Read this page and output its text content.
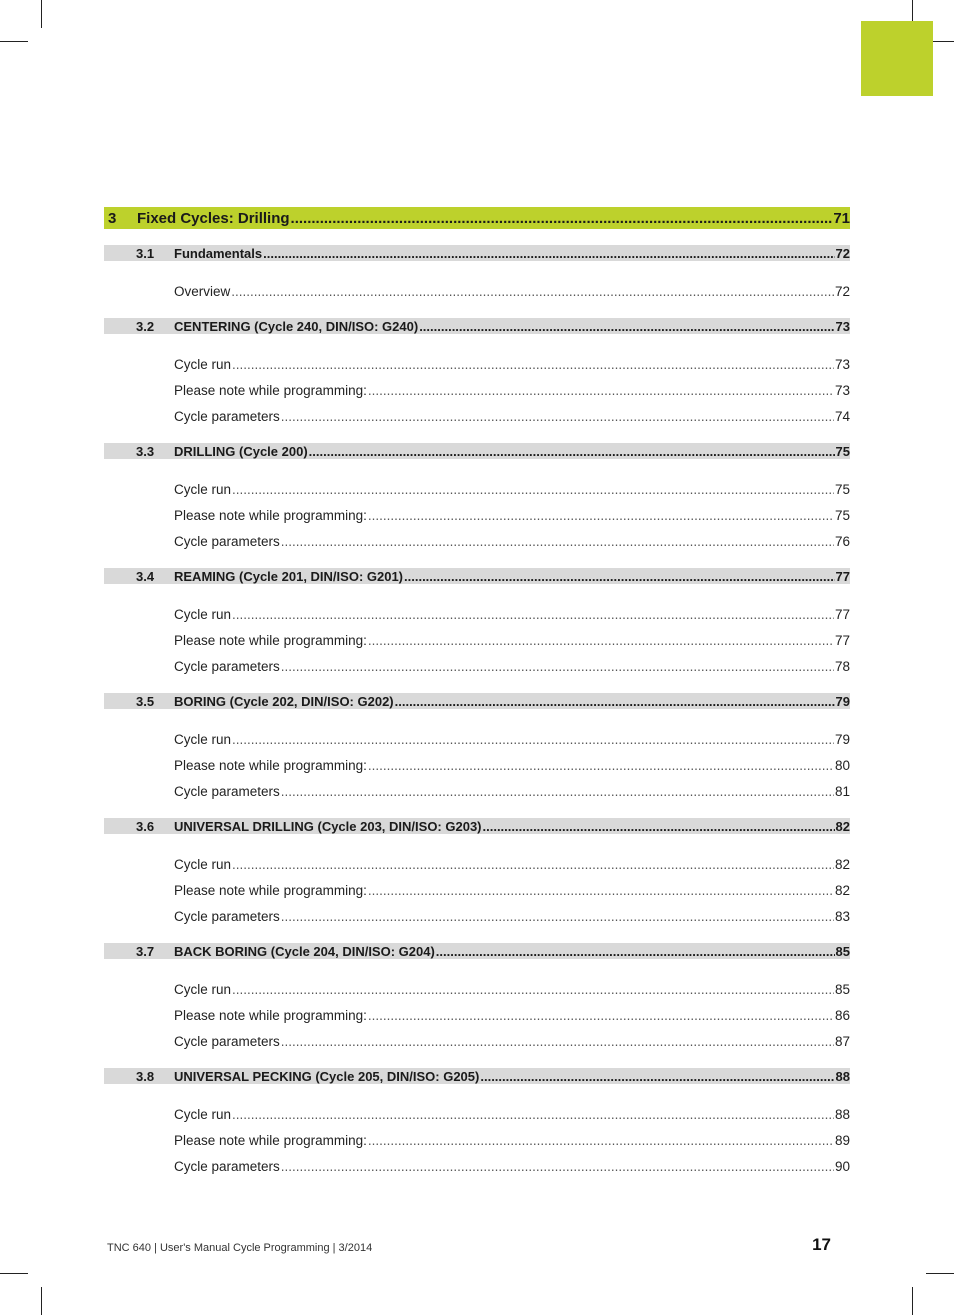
3	Fixed Cycles: Drilling .....	71
3.1	Fundamentals .....	72
Overview .....	72
3.2	CENTERING (Cycle 240, DIN/ISO: G240) .....	73
Cycle run .....	73
Please note while programming: .....	73
Cycle parameters .....	74
3.3	DRILLING (Cycle 200) .....	75
Cycle run .....	75
Please note while programming: .....	75
Cycle parameters .....	76
3.4	REAMING (Cycle 201, DIN/ISO: G201) .....	77
Cycle run .....	77
Please note while programming: .....	77
Cycle parameters .....	78
3.5	BORING (Cycle 202, DIN/ISO: G202) .....	79
Cycle run .....	79
Please note while programming: .....	80
Cycle parameters .....	81
3.6	UNIVERSAL DRILLING (Cycle 203, DIN/ISO: G203) .....	82
Cycle run .....	82
Please note while programming: .....	82
Cycle parameters .....	83
3.7	BACK BORING (Cycle 204, DIN/ISO: G204) .....	85
Cycle run .....	85
Please note while programming: .....	86
Cycle parameters .....	87
3.8	UNIVERSAL PECKING (Cycle 205, DIN/ISO: G205) .....	88
Cycle run .....	88
Please note while programming: .....	89
Cycle parameters .....	90
TNC 640 | User's Manual Cycle Programming | 3/2014	17
